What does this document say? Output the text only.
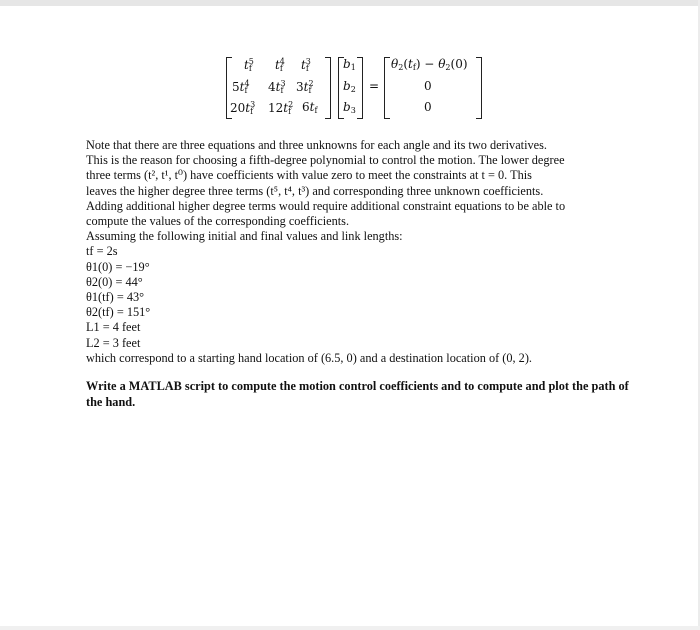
$t_f^5$ $t_f^4$ $t_f^3$
$5t_f^4$ $4t_f^3$ $3t_f^2$
$20t_f^3$ $12t_f^2$ $6t_f$
$b_1$
$b_2$
$b_3$
=
$\theta_2(t_f) - \theta_2(0)$
0
0

Note that there are three equations and three unknowns for each angle and its two derivatives.

This is the reason for choosing a fifth-degree polynomial to control the motion. The lower degree

three terms (t², t¹, t⁰) have coefficients with value zero to meet the constraints at t = 0. This

leaves the higher degree three terms (t⁵, t⁴, t³) and corresponding three unknown coefficients.

Adding additional higher degree terms would require additional constraint equations to be able to

compute the values of the corresponding coefficients.

Assuming the following initial and final values and link lengths:

tf = 2s

θ1(0) = −19°

θ2(0) = 44°

θ1(tf) = 43°

θ2(tf) = 151°

L1 = 4 feet

L2 = 3 feet

which correspond to a starting hand location of (6.5, 0) and a destination location of (0, 2).

Write a MATLAB script to compute the motion control coefficients and to compute and plot the path of the hand.
